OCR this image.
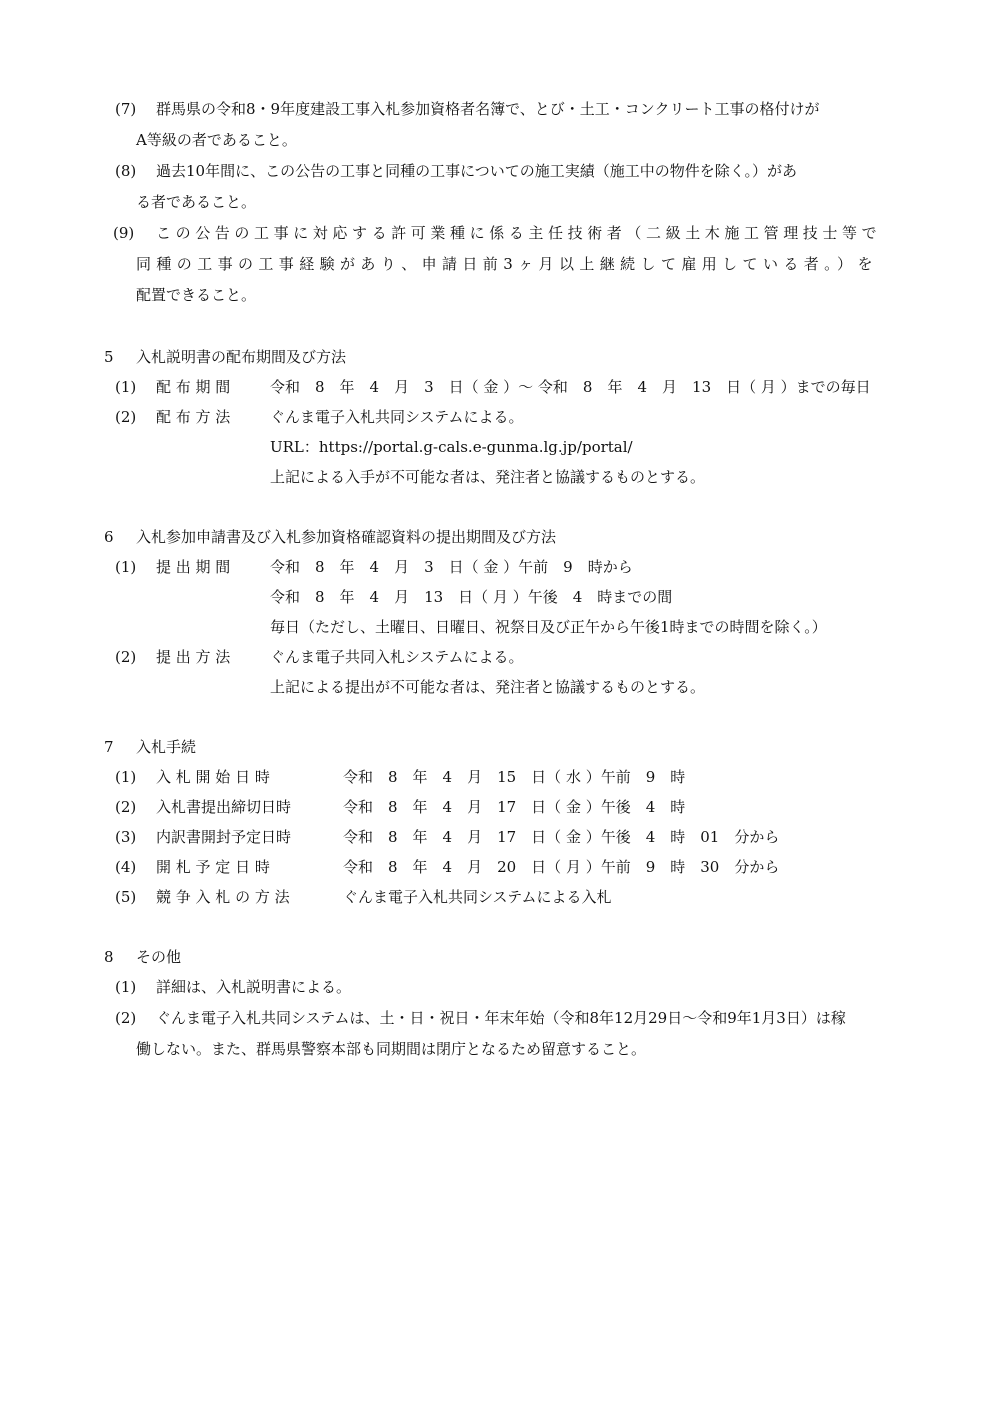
(7) 群馬県の令和8・9年度建設工事入札参加資格者名簿で、とび・土工・コンクリート工事の格付けが
A等級の者であること。
(8) 過去10年間に、この公告の工事と同種の工事についての施工実績（施工中の物件を除く。）があ
る者であること。
(9) この公告の工事に対応する許可業種に係る主任技術者（二級土木施工管理技士等で
同種の工事の工事経験があり、申請日前3ヶ月以上継続して雇用している者。）を
配置できること。
5 入札説明書の配布期間及び方法
(1) 配 布 期 間	令和　8　年　4　月　3　日（ 金 ）～ 令和　8　年　4　月　13　日（ 月 ）までの毎日
(2) 配 布 方 法	ぐんま電子入札共同システムによる。
URL：https://portal.g-cals.e-gunma.lg.jp/portal/
上記による入手が不可能な者は、発注者と協議するものとする。
6 入札参加申請書及び入札参加資格確認資料の提出期間及び方法
(1) 提 出 期 間	令和　8　年　4　月　3　日（ 金 ）午前　9　時から
令和　8　年　4　月　13　日（ 月 ）午後　4　時までの間
毎日（ただし、土曜日、日曜日、祝祭日及び正午から午後1時までの時間を除く。）
(2) 提 出 方 法	ぐんま電子共同入札システムによる。
上記による提出が不可能な者は、発注者と協議するものとする。
7 入札手続
(1) 入 札 開 始 日 時	令和　8　年　4　月　15　日（ 水 ）午前　9　時
(2) 入札書提出締切日時	令和　8　年　4　月　17　日（ 金 ）午後　4　時
(3) 内訳書開封予定日時	令和　8　年　4　月　17　日（ 金 ）午後　4　時　01　分から
(4) 開 札 予 定 日 時	令和　8　年　4　月　20　日（ 月 ）午前　9　時　30　分から
(5) 競 争 入 札 の 方 法	ぐんま電子入札共同システムによる入札
8 その他
(1) 詳細は、入札説明書による。
(2) ぐんま電子入札共同システムは、土・日・祝日・年末年始（令和8年12月29日～令和9年1月3日）は稼
働しない。また、群馬県警察本部も同期間は閉庁となるため留意すること。
